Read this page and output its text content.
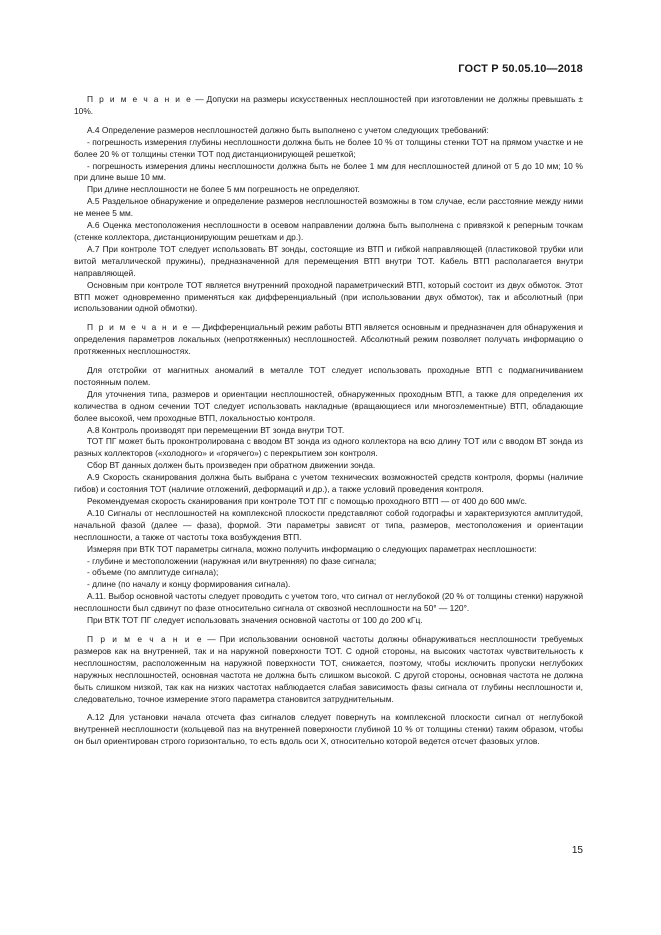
ГОСТ Р 50.05.10—2018

П р и м е ч а н и е — Допуски на размеры искусственных несплошностей при изготовлении не должны превышать ± 10%.

А.4 Определение размеров несплошностей должно быть выполнено с учетом следующих требований:

- погрешность измерения глубины несплошности должна быть не более 10 % от толщины стенки ТОТ на прямом участке и не более 20 % от толщины стенки ТОТ под дистанционирующей решеткой;

- погрешность измерения длины несплошности должна быть не более 1 мм для несплошностей длиной от 5 до 10 мм; 10 % при длине выше 10 мм.

При длине несплошности не более 5 мм погрешность не определяют.

А.5 Раздельное обнаружение и определение размеров несплошностей возможны в том случае, если расстояние между ними не менее 5 мм.

А.6 Оценка местоположения несплошности в осевом направлении должна быть выполнена с привязкой к реперным точкам (стенке коллектора, дистанционирующим решеткам и др.).

А.7 При контроле ТОТ следует использовать ВТ зонды, состоящие из ВТП и гибкой направляющей (пластиковой трубки или витой металлической пружины), предназначенной для перемещения ВТП внутри ТОТ. Кабель ВТП располагается внутри направляющей.

Основным при контроле ТОТ является внутренний проходной параметрический ВТП, который состоит из двух обмоток. Этот ВТП может одновременно применяться как дифференциальный (при использовании двух обмоток), так и абсолютный (при использовании одной обмотки).

П р и м е ч а н и е — Дифференциальный режим работы ВТП является основным и предназначен для обнаружения и определения параметров локальных (непротяженных) несплошностей. Абсолютный режим позволяет получать информацию о протяженных несплошностях.

Для отстройки от магнитных аномалий в металле ТОТ следует использовать проходные ВТП с подмагничиванием постоянным полем.

Для уточнения типа, размеров и ориентации несплошностей, обнаруженных проходным ВТП, а также для определения их количества в одном сечении ТОТ следует использовать накладные (вращающиеся или многоэлементные) ВТП, обладающие более высокой, чем проходные ВТП, локальностью контроля.

А.8 Контроль производят при перемещении ВТ зонда внутри ТОТ.

ТОТ ПГ может быть проконтролирована с вводом ВТ зонда из одного коллектора на всю длину ТОТ или с вводом ВТ зонда из разных коллекторов («холодного» и «горячего») с перекрытием зон контроля.

Сбор ВТ данных должен быть произведен при обратном движении зонда.

А.9 Скорость сканирования должна быть выбрана с учетом технических возможностей средств контроля, формы (наличие гибов) и состояния ТОТ (наличие отложений, деформаций и др.), а также условий проведения контроля.

Рекомендуемая скорость сканирования при контроле ТОТ ПГ с помощью проходного ВТП — от 400 до 600 мм/с.

А.10 Сигналы от несплошностей на комплексной плоскости представляют собой годографы и характеризуются амплитудой, начальной фазой (далее — фаза), формой. Эти параметры зависят от типа, размеров, местоположения и ориентации несплошности, а также от частоты тока возбуждения ВТП.

Измеряя при ВТК ТОТ параметры сигнала, можно получить информацию о следующих параметрах несплошности:

- глубине и местоположении (наружная или внутренняя) по фазе сигнала;

- объеме (по амплитуде сигнала);

- длине (по началу и концу формирования сигнала).

А.11. Выбор основной частоты следует проводить с учетом того, что сигнал от неглубокой (20 % от толщины стенки) наружной несплошности был сдвинут по фазе относительно сигнала от сквозной несплошности на 50° — 120°.

При ВТК ТОТ ПГ следует использовать значения основной частоты от 100 до 200 кГц.

П р и м е ч а н и е — При использовании основной частоты должны обнаруживаться несплошности требуемых размеров как на внутренней, так и на наружной поверхности ТОТ. С одной стороны, на высоких частотах чувствительность к несплошностям, расположенным на наружной поверхности ТОТ, снижается, поэтому, чтобы исключить пропуски неглубоких наружных несплошностей, основная частота не должна быть слишком высокой. С другой стороны, основная частота не должна быть слишком низкой, так как на низких частотах наблюдается слабая зависимость фазы сигнала от глубины несплошности и, следовательно, точное измерение этого параметра становится затруднительным.

А.12 Для установки начала отсчета фаз сигналов следует повернуть на комплексной плоскости сигнал от неглубокой внутренней несплошности (кольцевой паз на внутренней поверхности глубиной 10 % от толщины стенки) таким образом, чтобы он был ориентирован строго горизонтально, то есть вдоль оси X, относительно которой ведется отсчет фазовых углов.

15
